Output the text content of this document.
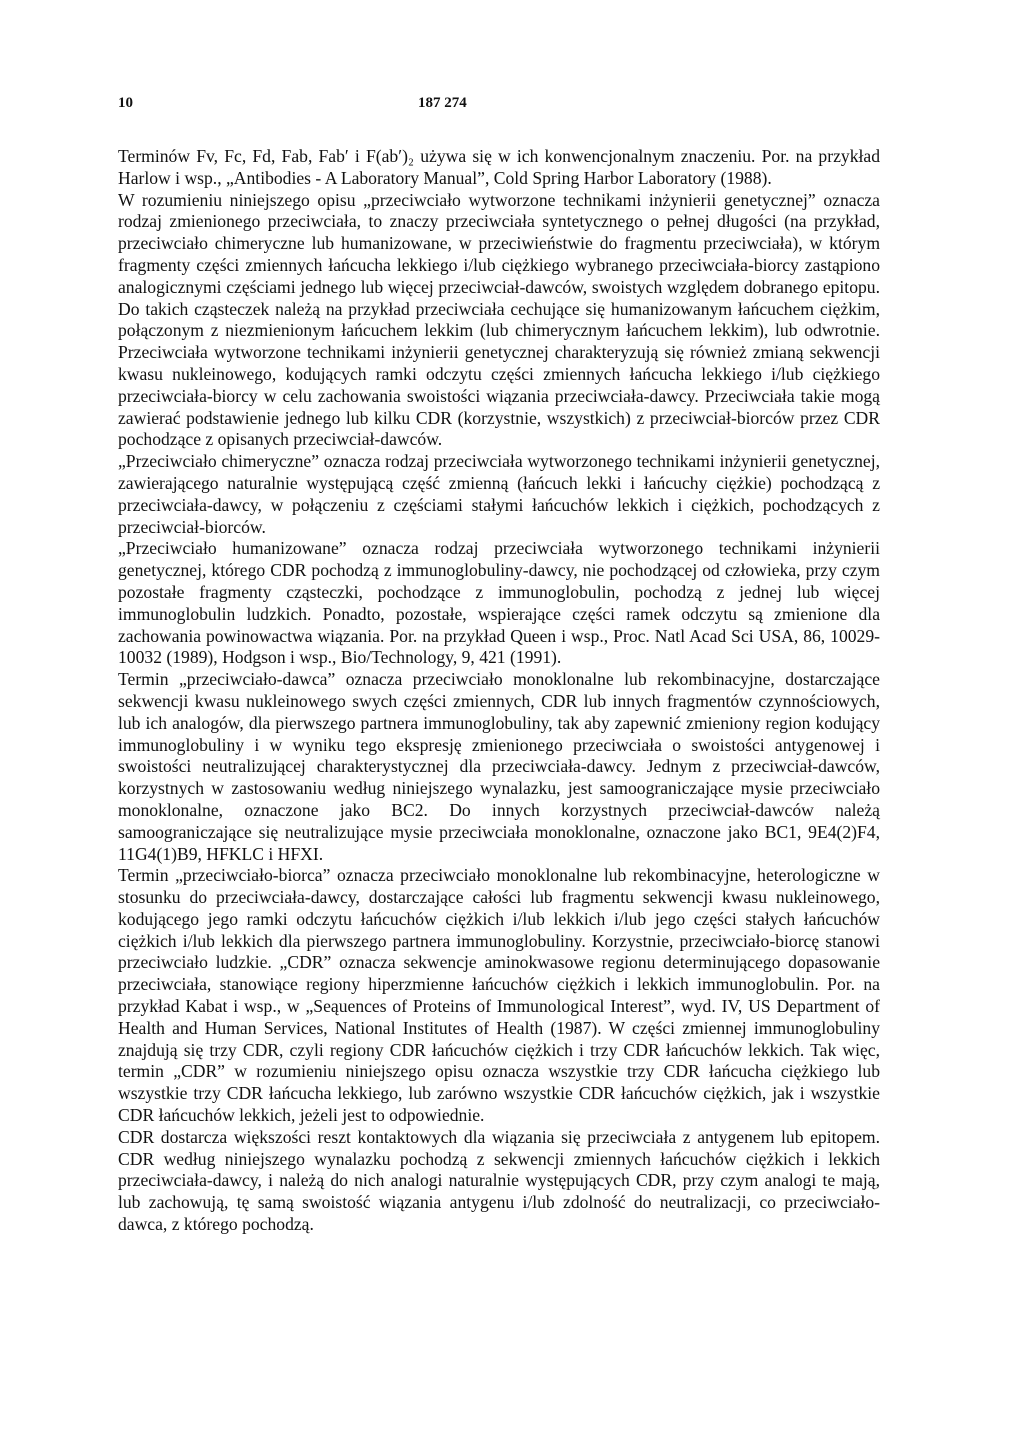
10	187 274

Terminów Fv, Fc, Fd, Fab, Fab′ i F(ab′)₂ używa się w ich konwencjonalnym znaczeniu. Por. na przykład Harlow i wsp., „Antibodies - A Laboratory Manual”, Cold Spring Harbor Laboratory (1988).

W rozumieniu niniejszego opisu „przeciwciało wytworzone technikami inżynierii genetycznej” oznacza rodzaj zmienionego przeciwciała, to znaczy przeciwciała syntetycznego o pełnej długości (na przykład, przeciwciało chimeryczne lub humanizowane, w przeciwieństwie do fragmentu przeciwciała), w którym fragmenty części zmiennych łańcucha lekkiego i/lub ciężkiego wybranego przeciwciała-biorcy zastąpiono analogicznymi częściami jednego lub więcej przeciwciał-dawców, swoistych względem dobranego epitopu. Do takich cząsteczek należą na przykład przeciwciała cechujące się humanizowanym łańcuchem ciężkim, połączonym z niezmienionym łańcuchem lekkim (lub chimerycznym łańcuchem lekkim), lub odwrotnie. Przeciwciała wytworzone technikami inżynierii genetycznej charakteryzują się również zmianą sekwencji kwasu nukleinowego, kodujących ramki odczytu części zmiennych łańcucha lekkiego i/lub ciężkiego przeciwciała-biorcy w celu zachowania swoistości wiązania przeciwciała-dawcy. Przeciwciała takie mogą zawierać podstawienie jednego lub kilku CDR (korzystnie, wszystkich) z przeciwciał-biorców przez CDR pochodzące z opisanych przeciwciał-dawców.

„Przeciwciało chimeryczne” oznacza rodzaj przeciwciała wytworzonego technikami inżynierii genetycznej, zawierającego naturalnie występującą część zmienną (łańcuch lekki i łańcuchy ciężkie) pochodzącą z przeciwciała-dawcy, w połączeniu z częściami stałymi łańcuchów lekkich i ciężkich, pochodzących z przeciwciał-biorców.

„Przeciwciało humanizowane” oznacza rodzaj przeciwciała wytworzonego technikami inżynierii genetycznej, którego CDR pochodzą z immunoglobuliny-dawcy, nie pochodzącej od człowieka, przy czym pozostałe fragmenty cząsteczki, pochodzące z immunoglobulin, pochodzą z jednej lub więcej immunoglobulin ludzkich. Ponadto, pozostałe, wspierające części ramek odczytu są zmienione dla zachowania powinowactwa wiązania. Por. na przykład Queen i wsp., Proc. Natl Acad Sci USA, 86, 10029-10032 (1989), Hodgson i wsp., Bio/Technology, 9, 421 (1991).

Termin „przeciwciało-dawca” oznacza przeciwciało monoklonalne lub rekombinacyjne, dostarczające sekwencji kwasu nukleinowego swych części zmiennych, CDR lub innych fragmentów czynnościowych, lub ich analogów, dla pierwszego partnera immunoglobuliny, tak aby zapewnić zmieniony region kodujący immunoglobuliny i w wyniku tego ekspresję zmienionego przeciwciała o swoistości antygenowej i swoistości neutralizującej charakterystycznej dla przeciwciała-dawcy. Jednym z przeciwciał-dawców, korzystnych w zastosowaniu według niniejszego wynalazku, jest samoograniczające mysie przeciwciało monoklonalne, oznaczone jako BC2. Do innych korzystnych przeciwciał-dawców należą samoograniczające się neutralizujące mysie przeciwciała monoklonalne, oznaczone jako BC1, 9E4(2)F4, 11G4(1)B9, HFKLC i HFXI.

Termin „przeciwciało-biorca” oznacza przeciwciało monoklonalne lub rekombinacyjne, heterologiczne w stosunku do przeciwciała-dawcy, dostarczające całości lub fragmentu sekwencji kwasu nukleinowego, kodującego jego ramki odczytu łańcuchów ciężkich i/lub lekkich i/lub jego części stałych łańcuchów ciężkich i/lub lekkich dla pierwszego partnera immunoglobuliny. Korzystnie, przeciwciało-biorcę stanowi przeciwciało ludzkie. „CDR” oznacza sekwencje aminokwasowe regionu determinującego dopasowanie przeciwciała, stanowiące regiony hiperzmienne łańcuchów ciężkich i lekkich immunoglobulin. Por. na przykład Kabat i wsp., w „Seąuences of Proteins of Immunological Interest”, wyd. IV, US Department of Health and Human Services, National Institutes of Health (1987). W części zmiennej immunoglobuliny znajdują się trzy CDR, czyli regiony CDR łańcuchów ciężkich i trzy CDR łańcuchów lekkich. Tak więc, termin „CDR” w rozumieniu niniejszego opisu oznacza wszystkie trzy CDR łańcucha ciężkiego lub wszystkie trzy CDR łańcucha lekkiego, lub zarówno wszystkie CDR łańcuchów ciężkich, jak i wszystkie CDR łańcuchów lekkich, jeżeli jest to odpowiednie.

CDR dostarcza większości reszt kontaktowych dla wiązania się przeciwciała z antygenem lub epitopem. CDR według niniejszego wynalazku pochodzą z sekwencji zmiennych łańcuchów ciężkich i lekkich przeciwciała-dawcy, i należą do nich analogi naturalnie występujących CDR, przy czym analogi te mają, lub zachowują, tę samą swoistość wiązania antygenu i/lub zdolność do neutralizacji, co przeciwciało-dawca, z którego pochodzą.
